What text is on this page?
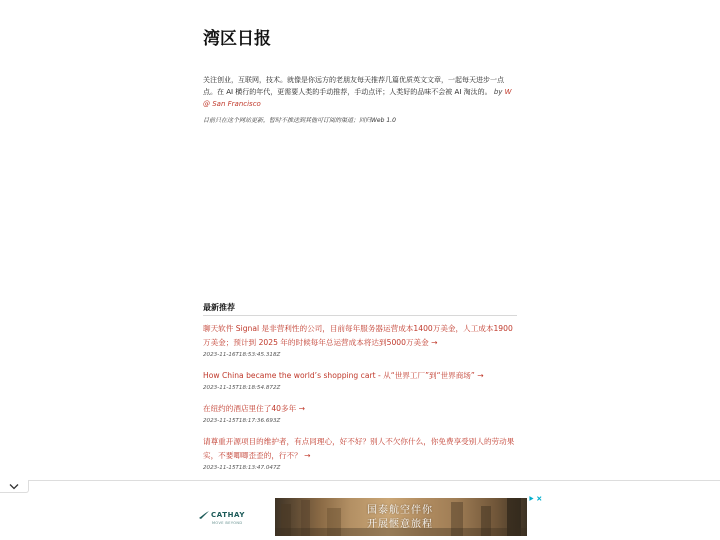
湾区日报

关注创业，互联网，技术。就像是你远方的老朋友每天推荐几篇优质英文文章，一起每天进步一点点。在 AI 横行的年代，更需要人类的手动推荐，手动点评；人类好的品味不会被 AI 淘汰的。 by W @ San Francisco

目前只在这个网站更新，暂时不推送到其他可订阅的渠道；回归Web 1.0

最新推荐
聊天软件 Signal 是非营利性的公司，目前每年服务器运营成本1400万美金，人工成本1900万美金；预计到 2025 年的时候每年总运营成本将达到5000万美金 →
2023-11-16T18:53:45.318Z
How China became the world’s shopping cart - 从“世界工厂”到“世界商场” →
2023-11-15T18:18:54.872Z
在纽约的酒店里住了40多年 →
2023-11-15T18:17:36.693Z
请尊重开源项目的维护者，有点同理心，好不好？别人不欠你什么，你免费享受别人的劳动果实，不要唧唧歪歪的，行不？ →
2023-11-15T18:13:47.047Z
CATHAY
MOVE BEYOND
国泰航空伴你
开展惬意旅程
